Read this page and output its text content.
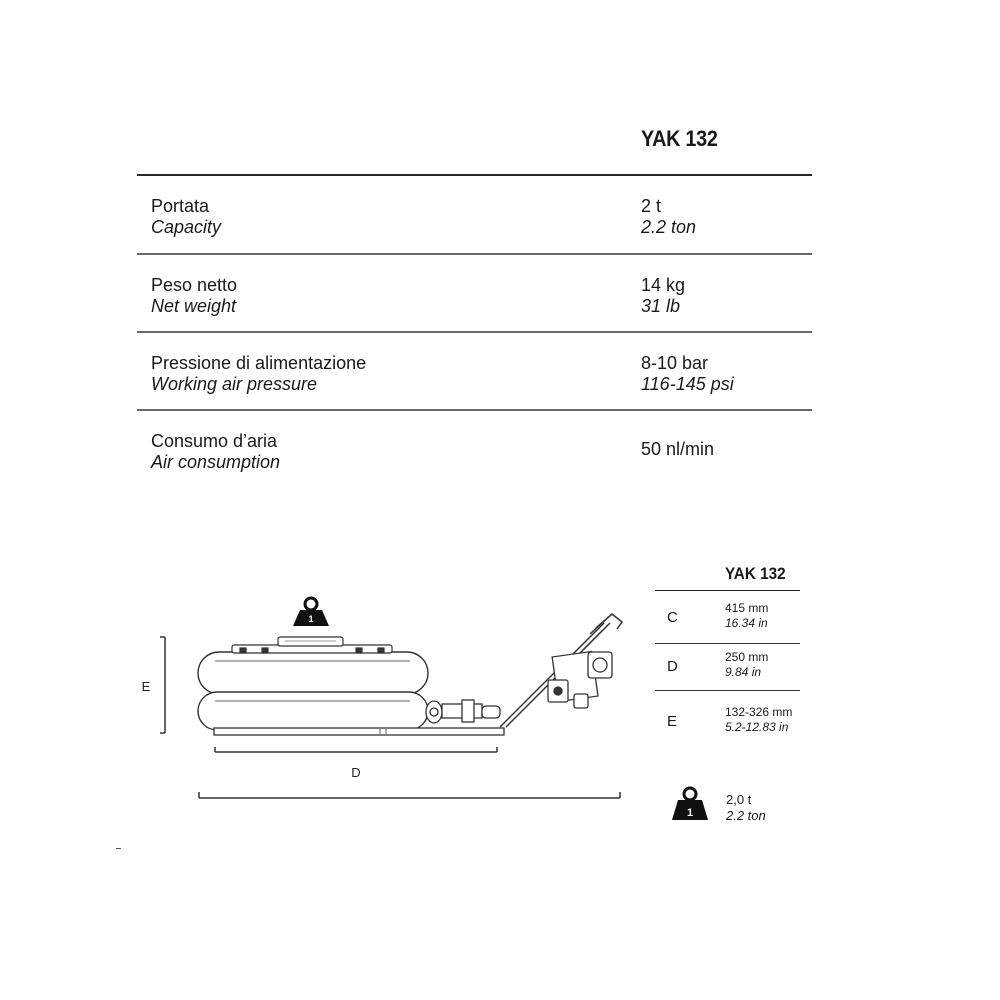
YAK 132
Portata
Capacity
2 t
2.2 ton
Peso netto
Net weight
14 kg
31 lb
Pressione di alimentazione
Working air pressure
8-10 bar
116-145 psi
Consumo d’aria
Air consumption
50 nl/min
1
E
D
YAK 132
C
415 mm
16.34 in
D
250 mm
9.84 in
E
132-326 mm
5.2-12.83 in
1
2,0 t
2.2 ton
